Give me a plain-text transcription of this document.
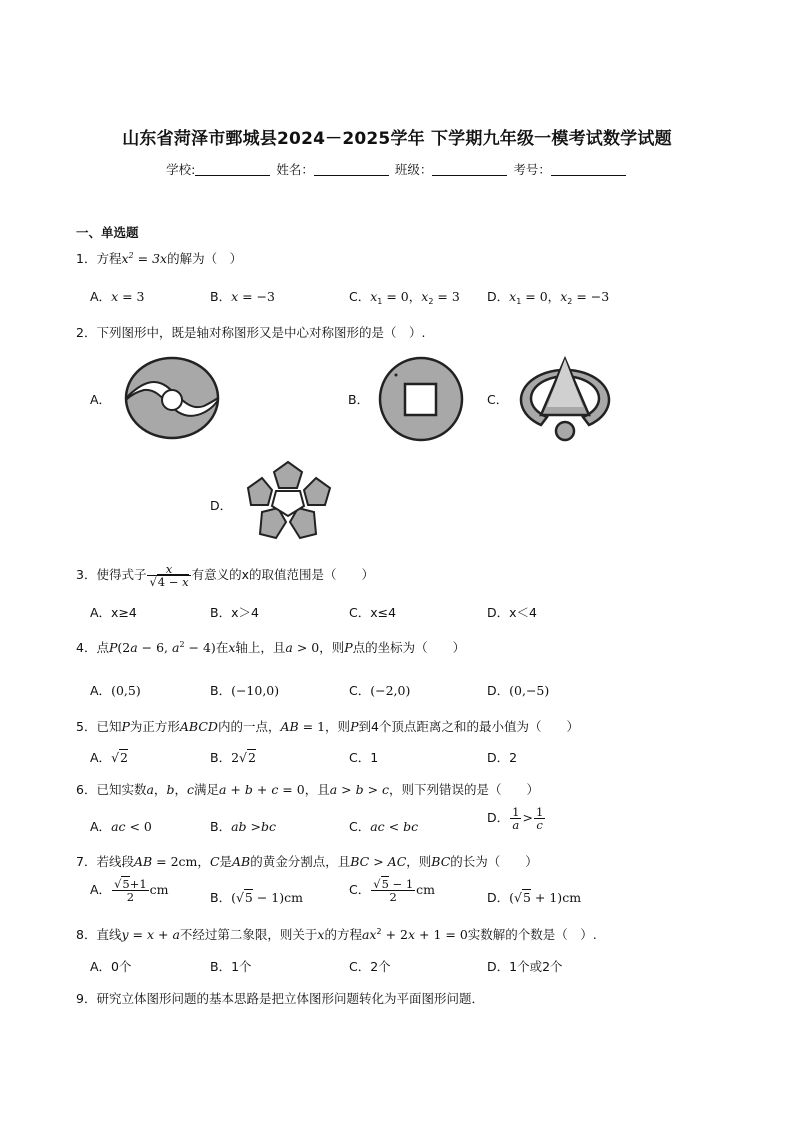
山东省菏泽市鄄城县2024－2025学年 下学期九年级一模考试数学试题
学校:	姓名：	班级：	考号：
一、单选题
1．方程$x^2 = 3x$的解为（　）
A．x = 3	B．x = −3	C．$x_1 = 0$，$x_2 = 3$ D．$x_1 = 0$，$x_2 = -3$
2．下列图形中，既是轴对称图形又是中心对称图形的是（　）.
A．	B．	C．
D．
3．使得式子 $\frac{x}{√4 - x}$ 有意义的x的取值范围是（　　）
A．x≥4	B．x＞4	C．x≤4	D．x＜4
4．点P(2a − 6, $a^2 - 4$)在x轴上，且a > 0，则P点的坐标为（　　）
A．(0,5)	B．(−10,0)	C．(−2,0)	D．(0,−5)
5．已知P为正方形ABCD内的一点，AB = 1，则P到4个顶点距离之和的最小值为（　　）
A．√2	B．2√2	C．1	D．2
6．已知实数a，b，c满足a + b + c = 0，且a > b > c，则下列错误的是（　　）
A．ac < 0	B．ab >bc	C．ac < bc
D． $\frac{1}{a} > \frac{1}{c}$
7．若线段AB = 2cm，C是AB的黄金分割点，且BC > AC，则BC的长为（　　）
A． $\frac{√5+1}{2}$ cm
B．(√5 − 1)cm
C． $\frac{√5 - 1}{2}$ cm
D．(√5 + 1)cm
8．直线y = x + a不经过第二象限，则关于x的方程$ax^2 + 2x + 1 = 0$实数解的个数是（　）.
A．0个	B．1个	C．2个	D．1个或2个
9．研究立体图形问题的基本思路是把立体图形问题转化为平面图形问题．
